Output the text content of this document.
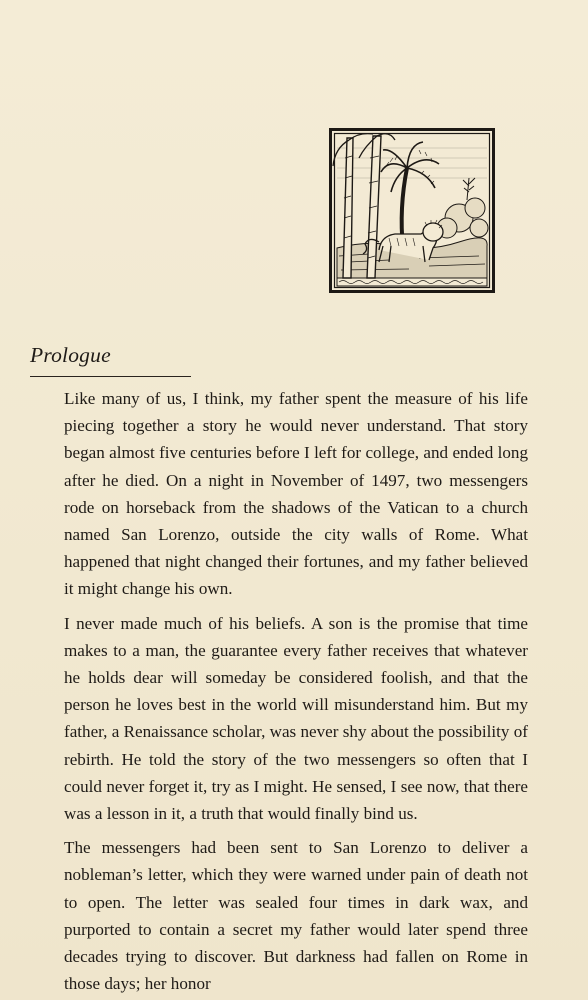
Prologue

Like many of us, I think, my father spent the measure of his life piecing together a story he would never understand. That story began almost five centuries before I left for college, and ended long after he died. On a night in November of 1497, two messengers rode on horseback from the shadows of the Vatican to a church named San Lorenzo, outside the city walls of Rome. What happened that night changed their fortunes, and my father believed it might change his own.

I never made much of his beliefs. A son is the promise that time makes to a man, the guarantee every father receives that whatever he holds dear will someday be considered foolish, and that the person he loves best in the world will misunderstand him. But my father, a Renaissance scholar, was never shy about the possibility of rebirth. He told the story of the two messengers so often that I could never forget it, try as I might. He sensed, I see now, that there was a lesson in it, a truth that would finally bind us.

The messengers had been sent to San Lorenzo to deliver a nobleman’s letter, which they were warned under pain of death not to open. The letter was sealed four times in dark wax, and purported to contain a secret my father would later spend three decades trying to discover. But darkness had fallen on Rome in those days; her honor
